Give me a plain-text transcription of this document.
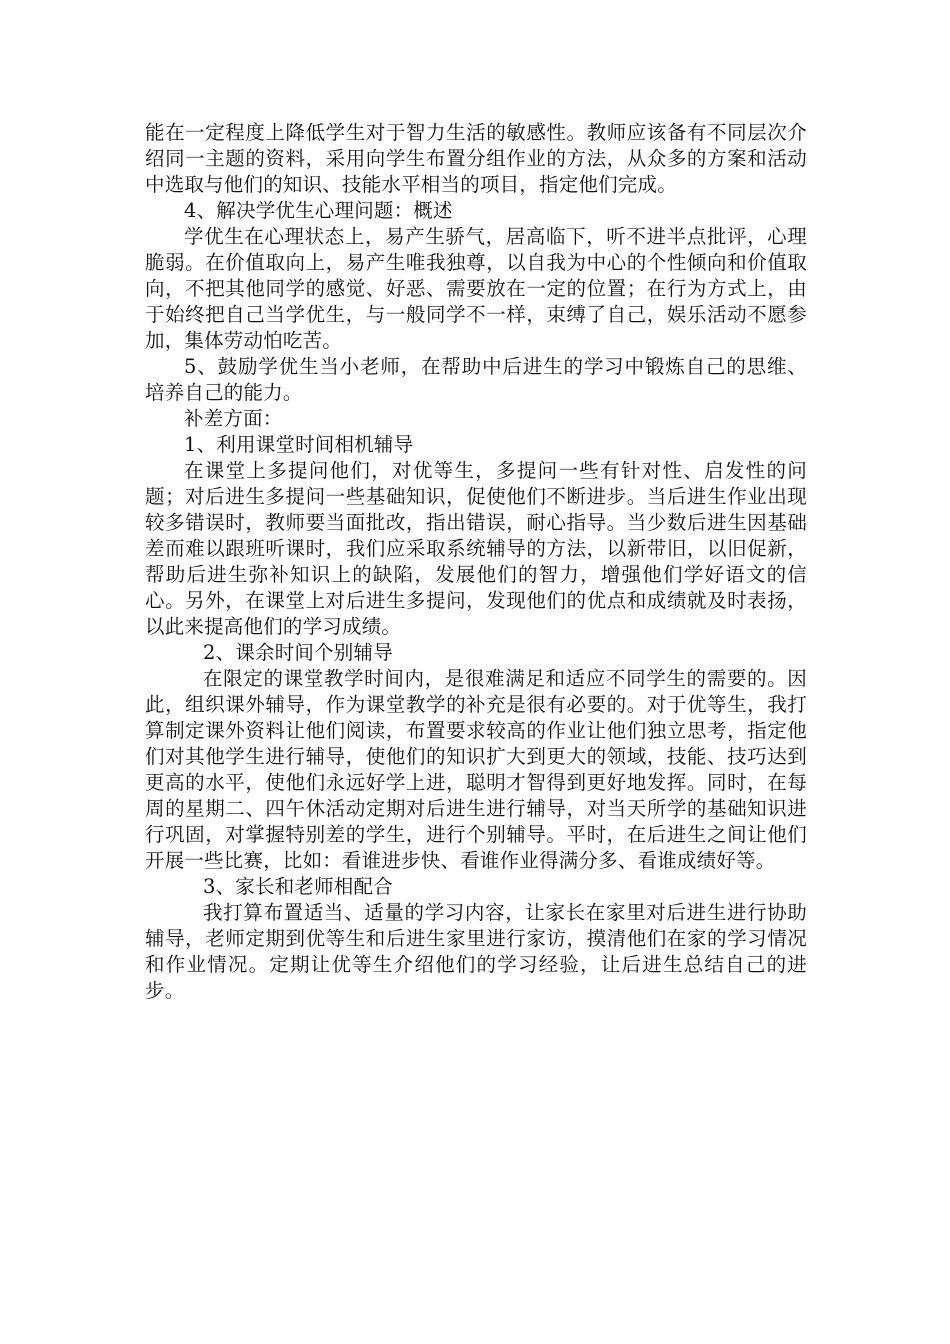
能在一定程度上降低学生对于智力生活的敏感性。教师应该备有不同层次介绍同一主题的资料，采用向学生布置分组作业的方法，从众多的方案和活动中选取与他们的知识、技能水平相当的项目，指定他们完成。

4、解决学优生心理问题：概述

学优生在心理状态上，易产生骄气，居高临下，听不进半点批评，心理脆弱。在价值取向上，易产生唯我独尊，以自我为中心的个性倾向和价值取向，不把其他同学的感觉、好恶、需要放在一定的位置；在行为方式上，由于始终把自己当学优生，与一般同学不一样，束缚了自己，娱乐活动不愿参加，集体劳动怕吃苦。

5、鼓励学优生当小老师，在帮助中后进生的学习中锻炼自己的思维、培养自己的能力。

补差方面：

1、利用课堂时间相机辅导

在课堂上多提问他们，对优等生，多提问一些有针对性、启发性的问题；对后进生多提问一些基础知识，促使他们不断进步。当后进生作业出现较多错误时，教师要当面批改，指出错误，耐心指导。当少数后进生因基础差而难以跟班听课时，我们应采取系统辅导的方法，以新带旧，以旧促新，帮助后进生弥补知识上的缺陷，发展他们的智力，增强他们学好语文的信心。另外，在课堂上对后进生多提问，发现他们的优点和成绩就及时表扬，以此来提高他们的学习成绩。

2、课余时间个别辅导

在限定的课堂教学时间内，是很难满足和适应不同学生的需要的。因此，组织课外辅导，作为课堂教学的补充是很有必要的。对于优等生，我打算制定课外资料让他们阅读，布置要求较高的作业让他们独立思考，指定他们对其他学生进行辅导，使他们的知识扩大到更大的领域，技能、技巧达到更高的水平，使他们永远好学上进，聪明才智得到更好地发挥。同时，在每周的星期二、四午休活动定期对后进生进行辅导，对当天所学的基础知识进行巩固，对掌握特别差的学生，进行个别辅导。平时，在后进生之间让他们开展一些比赛，比如：看谁进步快、看谁作业得满分多、看谁成绩好等。

3、家长和老师相配合

我打算布置适当、适量的学习内容，让家长在家里对后进生进行协助辅导，老师定期到优等生和后进生家里进行家访，摸清他们在家的学习情况和作业情况。定期让优等生介绍他们的学习经验，让后进生总结自己的进步。
